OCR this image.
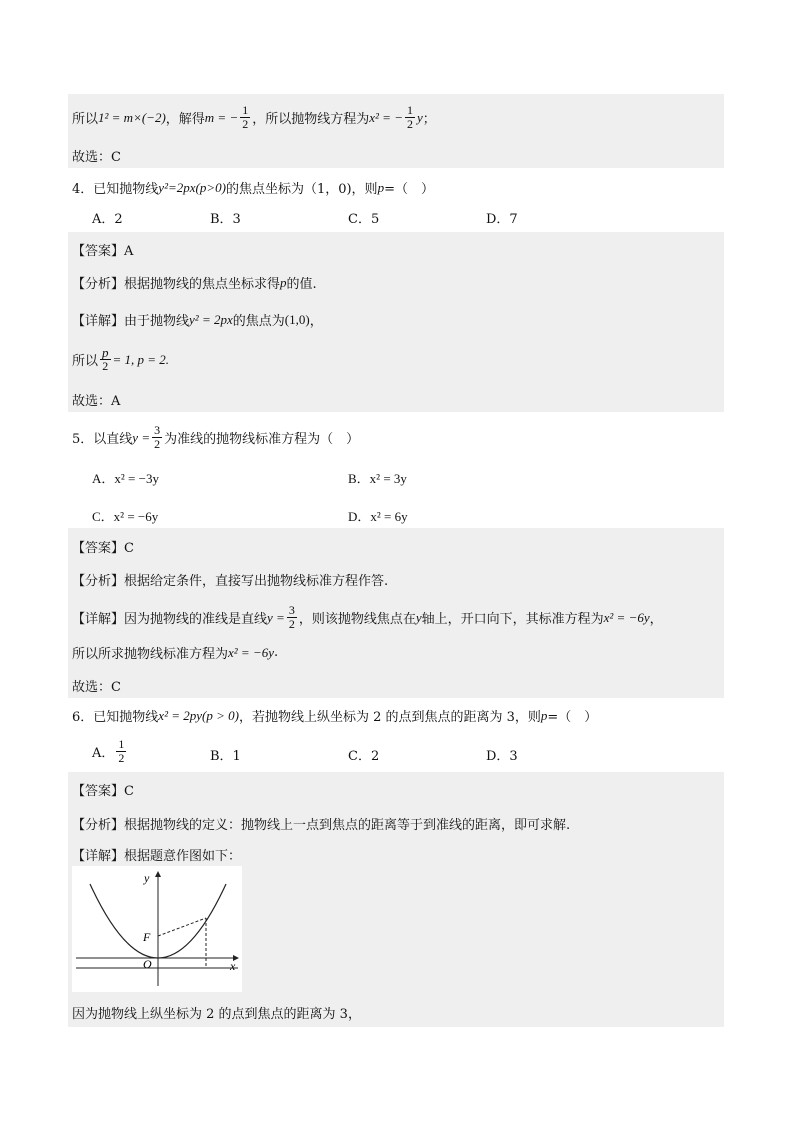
所以 1² = m×(−2) ，解得 m = − $\frac{1}{2}$ ，所以抛物线方程为 x² = − $\frac{1}{2}$ y ；
故选：C
4． 已知抛物线 y²=2px(p>0) 的焦点坐标为（1，0)，则 p =（　）
A．2	B．3	C．5	D．7
【答案】A
【分析】 根据抛物线的焦点坐标求得 p 的值.
【详解】 由于抛物线 y² = 2px 的焦点为 (1,0) ，
所以 $\frac{p}{2} = 1$, p = 2.
故选：A
5． 以直线 $y = \frac{3}{2}$ 为准线的抛物线标准方程为（　）
A．x² = −3y	B．x² = 3y
C．x² = −6y	D．x² = 6y
【答案】C
【分析】 根据给定条件，直接写出抛物线标准方程作答.
【详解】 因为抛物线的准线是直线 $y = \frac{3}{2}$ ，则该抛物线焦点在 y 轴上，开口向下，其标准方程为 x² = −6y ，
所以所求抛物线标准方程为 x² = −6y .
故选：C
6． 已知抛物线 x² = 2py(p > 0) ，若抛物线上纵坐标为 2 的点到焦点的距离为 3，则 p =（　）
A． $\frac{1}{2}$	B．1	C．2	D．3
【答案】C
【分析】 根据抛物线的定义：抛物线上一点到焦点的距离等于到准线的距离，即可求解.
【详解】 根据题意作图如下：
y
x
F
O
因为抛物线上纵坐标为 2 的点到焦点的距离为 3，
